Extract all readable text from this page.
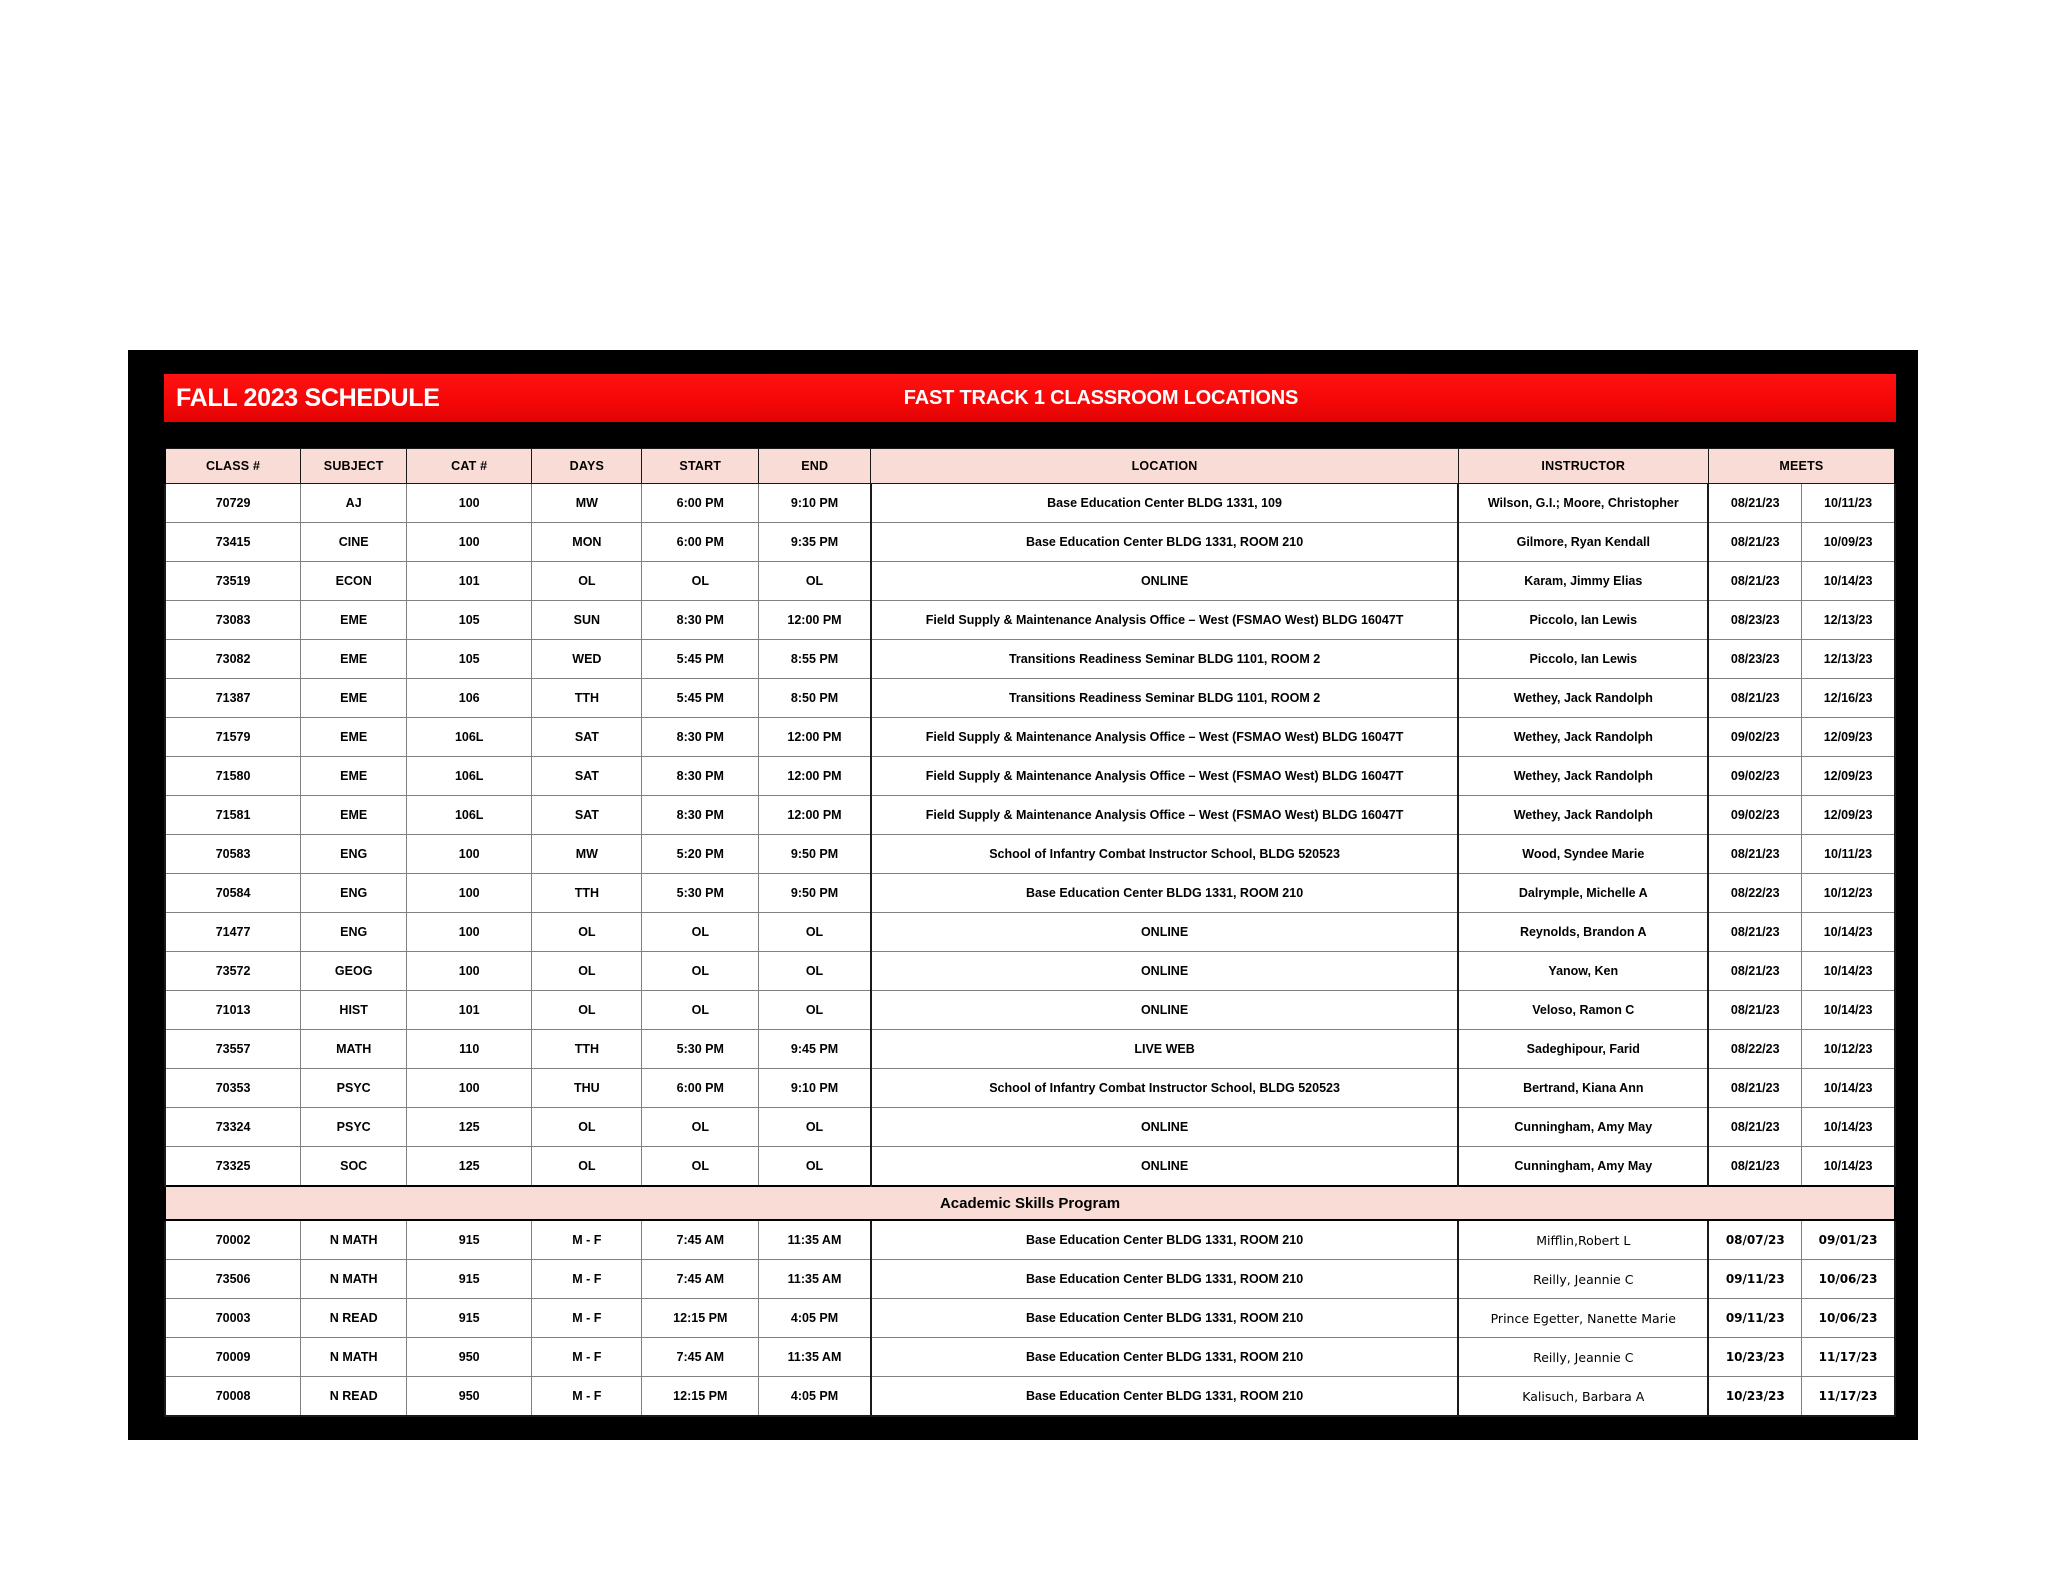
FALL 2023 SCHEDULE	FAST TRACK 1 CLASSROOM LOCATIONS
CLASS #	SUBJECT	CAT #	DAYS	START	END	LOCATION	INSTRUCTOR	MEETS	
70729	AJ	100	MW	6:00 PM	9:10 PM	Base Education Center BLDG 1331, 109	Wilson, G.I.; Moore, Christopher	08/21/23	10/11/23
73415	CINE	100	MON	6:00 PM	9:35 PM	Base Education Center BLDG 1331, ROOM 210	Gilmore, Ryan Kendall	08/21/23	10/09/23
73519	ECON	101	OL	OL	OL	ONLINE	Karam, Jimmy Elias	08/21/23	10/14/23
73083	EME	105	SUN	8:30 PM	12:00 PM	Field Supply & Maintenance Analysis Office – West (FSMAO West) BLDG 16047T	Piccolo, Ian Lewis	08/23/23	12/13/23
73082	EME	105	WED	5:45 PM	8:55 PM	Transitions Readiness Seminar BLDG 1101, ROOM 2	Piccolo, Ian Lewis	08/23/23	12/13/23
71387	EME	106	TTH	5:45 PM	8:50 PM	Transitions Readiness Seminar BLDG 1101, ROOM 2	Wethey, Jack Randolph	08/21/23	12/16/23
71579	EME	106L	SAT	8:30 PM	12:00 PM	Field Supply & Maintenance Analysis Office – West (FSMAO West) BLDG 16047T	Wethey, Jack Randolph	09/02/23	12/09/23
71580	EME	106L	SAT	8:30 PM	12:00 PM	Field Supply & Maintenance Analysis Office – West (FSMAO West) BLDG 16047T	Wethey, Jack Randolph	09/02/23	12/09/23
71581	EME	106L	SAT	8:30 PM	12:00 PM	Field Supply & Maintenance Analysis Office – West (FSMAO West) BLDG 16047T	Wethey, Jack Randolph	09/02/23	12/09/23
70583	ENG	100	MW	5:20 PM	9:50 PM	School of Infantry Combat Instructor School, BLDG 520523	Wood, Syndee Marie	08/21/23	10/11/23
70584	ENG	100	TTH	5:30 PM	9:50 PM	Base Education Center BLDG 1331, ROOM 210	Dalrymple, Michelle A	08/22/23	10/12/23
71477	ENG	100	OL	OL	OL	ONLINE	Reynolds, Brandon A	08/21/23	10/14/23
73572	GEOG	100	OL	OL	OL	ONLINE	Yanow, Ken	08/21/23	10/14/23
71013	HIST	101	OL	OL	OL	ONLINE	Veloso, Ramon C	08/21/23	10/14/23
73557	MATH	110	TTH	5:30 PM	9:45 PM	LIVE WEB	Sadeghipour, Farid	08/22/23	10/12/23
70353	PSYC	100	THU	6:00 PM	9:10 PM	School of Infantry Combat Instructor School, BLDG 520523	Bertrand, Kiana Ann	08/21/23	10/14/23
73324	PSYC	125	OL	OL	OL	ONLINE	Cunningham, Amy May	08/21/23	10/14/23
73325	SOC	125	OL	OL	OL	ONLINE	Cunningham, Amy May	08/21/23	10/14/23
Academic Skills Program									
70002	N MATH	915	M - F	7:45 AM	11:35 AM	Base Education Center BLDG 1331, ROOM 210	Mifflin,Robert L	08/07/23	09/01/23
73506	N MATH	915	M - F	7:45 AM	11:35 AM	Base Education Center BLDG 1331, ROOM 210	Reilly, Jeannie C	09/11/23	10/06/23
70003	N READ	915	M - F	12:15 PM	4:05 PM	Base Education Center BLDG 1331, ROOM 210	Prince Egetter, Nanette Marie	09/11/23	10/06/23
70009	N MATH	950	M - F	7:45 AM	11:35 AM	Base Education Center BLDG 1331, ROOM 210	Reilly, Jeannie C	10/23/23	11/17/23
70008	N READ	950	M - F	12:15 PM	4:05 PM	Base Education Center BLDG 1331, ROOM 210	Kalisuch, Barbara A	10/23/23	11/17/23
